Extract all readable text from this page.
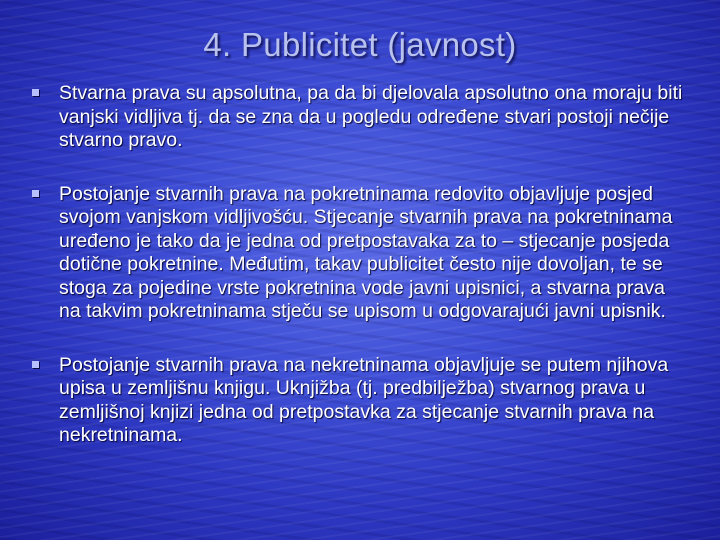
4. Publicitet (javnost)
Stvarna prava su apsolutna, pa da bi djelovala apsolutno ona moraju biti vanjski vidljiva tj. da se zna da u pogledu određene stvari postoji nečije stvarno pravo.
Postojanje stvarnih prava na pokretninama redovito objavljuje posjed svojom vanjskom vidljivošću. Stjecanje stvarnih prava na pokretninama uređeno je tako da je jedna od pretpostavaka za to – stjecanje posjeda dotične pokretnine. Međutim, takav publicitet često nije dovoljan, te se stoga za pojedine vrste pokretnina vode javni upisnici, a stvarna prava na takvim pokretninama stječu se upisom u odgovarajući javni upisnik.
Postojanje stvarnih prava na nekretninama objavljuje se putem njihova upisa u zemljišnu knjigu. Uknjižba (tj. predbilježba) stvarnog prava u zemljišnoj knjizi jedna od pretpostavka za stjecanje stvarnih prava na nekretninama.
